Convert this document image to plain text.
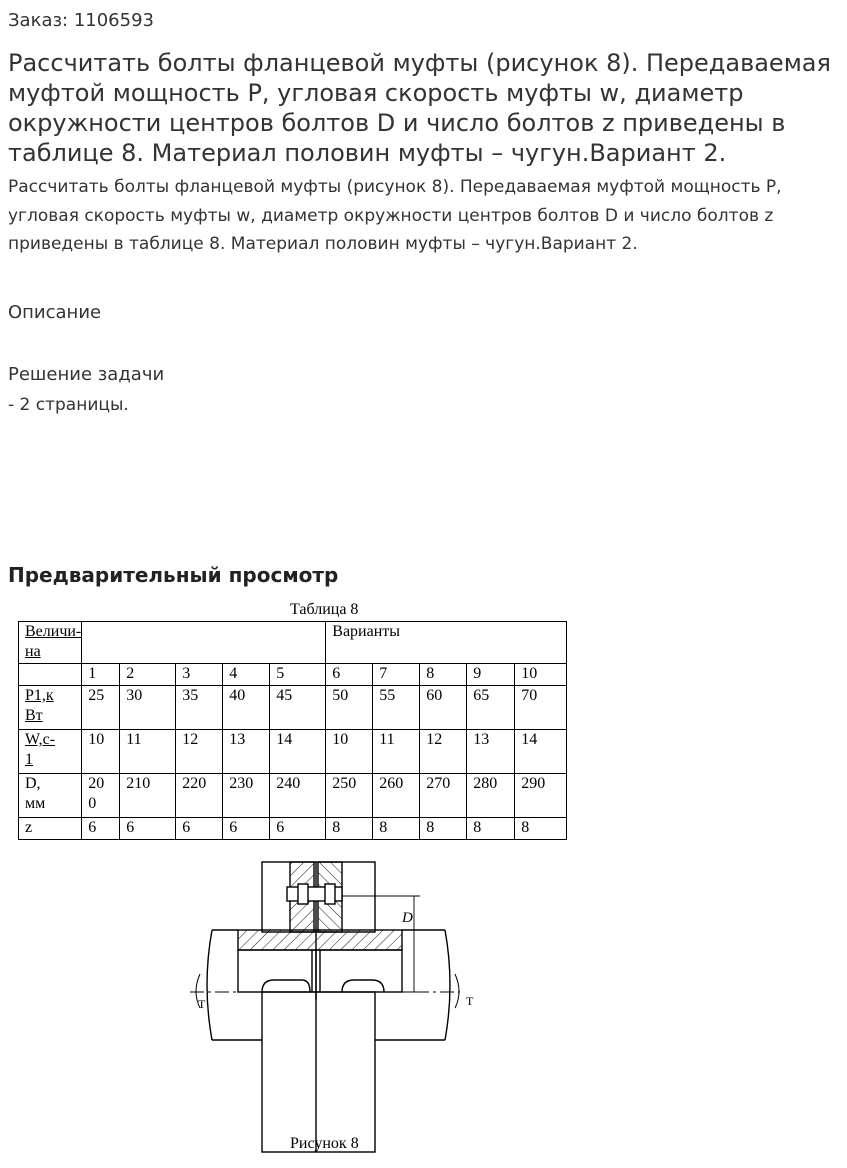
Заказ: 1106593
Рассчитать болты фланцевой муфты (рисунок 8). Передаваемая муфтой мощность P, угловая скорость муфты w, диаметр окружности центров болтов D и число болтов z приведены в таблице 8. Материал половин муфты – чугун.Вариант 2.
Рассчитать болты фланцевой муфты (рисунок 8). Передаваемая муфтой мощность P, угловая скорость муфты w, диаметр окружности центров болтов D и число болтов z приведены в таблице 8. Материал половин муфты – чугун.Вариант 2.
Описание
Решение задачи
- 2 страницы.
Предварительный просмотр
Таблица 8
Величи-
на						Варианты				
	1	2	3	4	5	6	7	8	9	10
P1,к
Вт	25	30	35	40	45	50	55	60	65	70
W,с-
1	10	11	12	13	14	10	11	12	13	14
D,
мм	20
0	210	220	230	240	250	260	270	280	290
z	6	6	6	6	6	8	8	8	8	8
D
T	T
Рисунок 8
